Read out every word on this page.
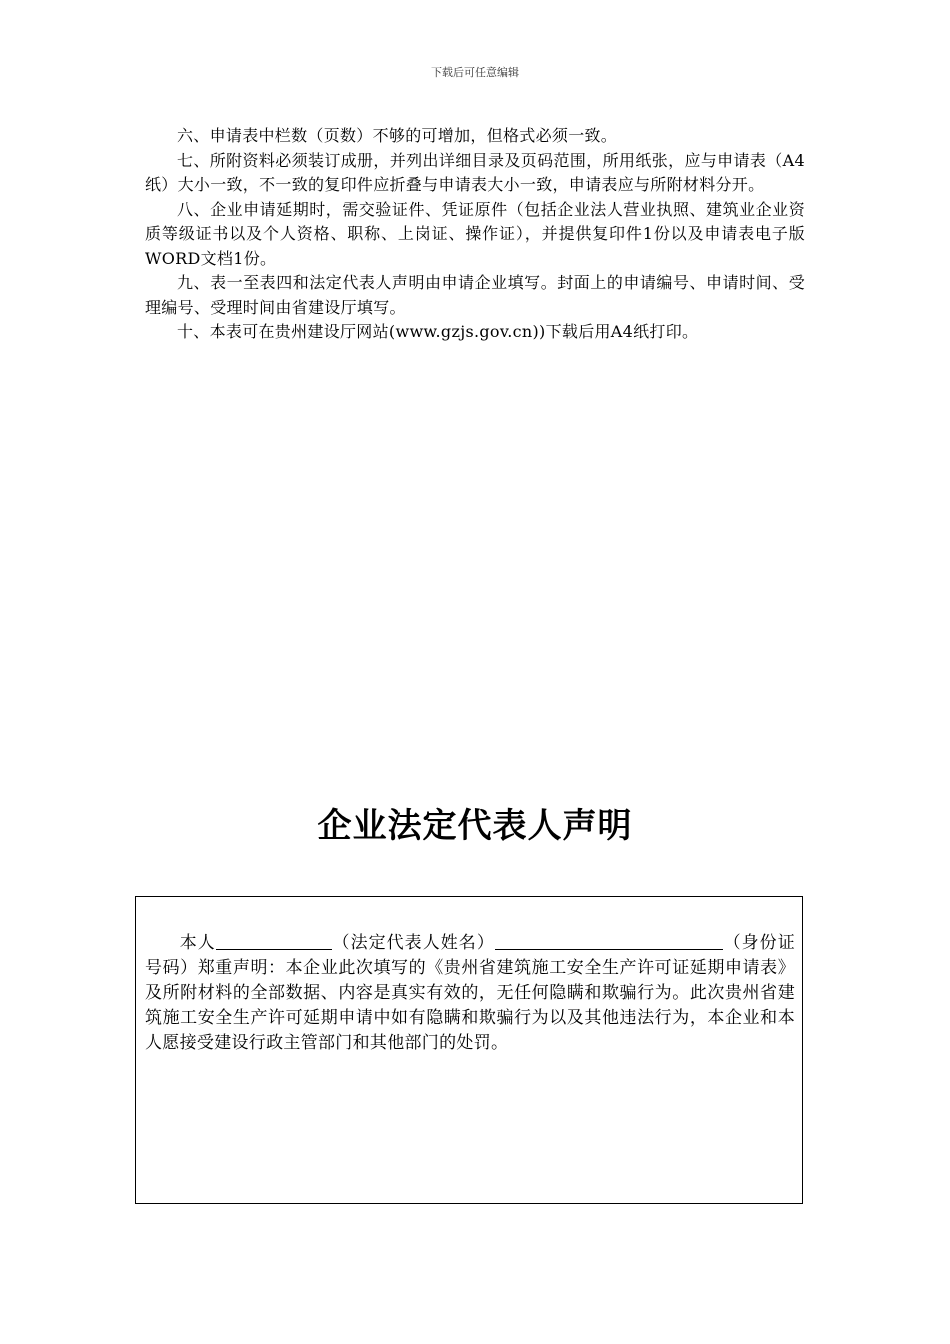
下载后可任意编辑

六、申请表中栏数（页数）不够的可增加，但格式必须一致。

七、所附资料必须装订成册，并列出详细目录及页码范围，所用纸张，应与申请表（A4纸）大小一致，不一致的复印件应折叠与申请表大小一致，申请表应与所附材料分开。

八、企业申请延期时，需交验证件、凭证原件（包括企业法人营业执照、建筑业企业资质等级证书以及个人资格、职称、上岗证、操作证），并提供复印件1份以及申请表电子版WORD文档1份。

九、表一至表四和法定代表人声明由申请企业填写。封面上的申请编号、申请时间、受理编号、受理时间由省建设厅填写。

十、本表可在贵州建设厅网站(www.gzjs.gov.cn))下载后用A4纸打印。

企业法定代表人声明
本人	（法定代表人姓名）	（身份证号码）郑重声明：本企业此次填写的《贵州省建筑施工安全生产许可证延期申请表》及所附材料的全部数据、内容是真实有效的，无任何隐瞒和欺骗行为。此次贵州省建筑施工安全生产许可延期申请中如有隐瞒和欺骗行为以及其他违法行为，本企业和本人愿接受建设行政主管部门和其他部门的处罚。
